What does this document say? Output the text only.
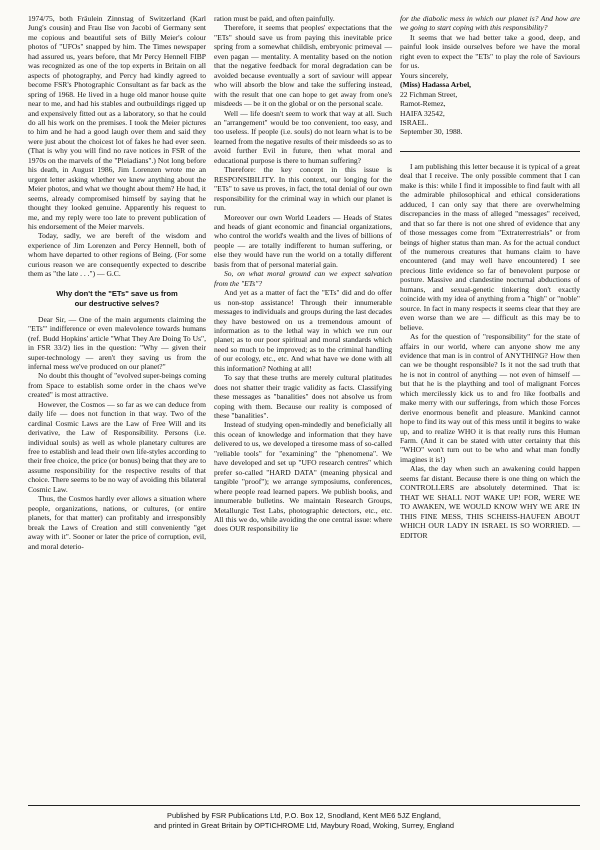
1974/75, both Fräulein Zinnstag of Switzerland (Karl Jung's cousin) and Frau Ilse von Jacobi of Germany sent me copious and beautiful sets of Billy Meier's colour photos of "UFOs" snapped by him. The Times newspaper had assured us, years before, that Mr Percy Hennell FIBP was recognized as one of the top experts in Britain on all aspects of photography, and Percy had kindly agreed to become FSR's Photographic Consultant as far back as the spring of 1968. He lived in a huge old manor house quite near to me, and had his stables and outbuildings rigged up and expensively fitted out as a laboratory, so that he could do all his work on the premises. I took the Meier pictures to him and he had a good laugh over them and said they were just about the choicest lot of fakes he had ever seen. (That is why you will find no rave notices in FSR of the 1970s on the marvels of the "Pleiadians".) Not long before his death, in August 1986, Jim Lorenzen wrote me an urgent letter asking whether we knew anything about the Meier photos, and what we thought about them? He had, it seems, already compromised himself by saying that he thought they looked genuine. Apparently his request to me, and my reply were too late to prevent publication of his endorsement of the Meier marvels.

Today, sadly, we are bereft of the wisdom and experience of Jim Lorenzen and Percy Hennell, both of whom have departed to other regions of Being. (For some curious reason we are consequently expected to describe them as "the late . . .") — G.C.

Why don't the "ETs" save us from
our destructive selves?

Dear Sir, — One of the main arguments claiming the "ETs'" indifference or even malevolence towards humans (ref. Budd Hopkins' article "What They Are Doing To Us", in FSR 33/2) lies in the question: "Why — given their super-technology — aren't they saving us from the infernal mess we've produced on our planet?"

No doubt this thought of "evolved super-beings coming from Space to establish some order in the chaos we've created" is most attractive.

However, the Cosmos — so far as we can deduce from daily life — does not function in that way. Two of the cardinal Cosmic Laws are the Law of Free Will and its derivative, the Law of Responsibility. Persons (i.e. individual souls) as well as whole planetary cultures are free to establish and lead their own life-styles according to their free choice, the price (or bonus) being that they are to assume responsibility for the respective results of that choice. There seems to be no way of avoiding this bilateral Cosmic Law.

Thus, the Cosmos hardly ever allows a situation where people, organizations, nations, or cultures, (or entire planets, for that matter) can profitably and irresponsibly break the Laws of Creation and still conveniently "get away with it". Sooner or later the price of corruption, evil, and moral deterio-

ration must be paid, and often painfully.

Therefore, it seems that peoples' expectations that the "ETs" should save us from paying this inevitable price spring from a somewhat childish, embryonic primeval — even pagan — mentality. A mentality based on the notion that the negative feedback for moral degradation can be avoided because eventually a sort of saviour will appear who will absorb the blow and take the suffering instead, with the result that one can hope to get away from one's misdeeds — be it on the global or on the personal scale.

Well — life doesn't seem to work that way at all. Such an "arrangement" would be too convenient, too easy, and too useless. If people (i.e. souls) do not learn what is to be learned from the negative results of their misdeeds so as to avoid further Evil in future, then what moral and educational purpose is there to human suffering?

Therefore: the key concept in this issue is RESPONSIBILITY. In this context, our longing for the "ETs" to save us proves, in fact, the total denial of our own responsibility for the criminal way in which our planet is run.

Moreover our own World Leaders — Heads of States and heads of giant economic and financial organizations, who control the world's wealth and the lives of billions of people — are totally indifferent to human suffering, or else they would have run the world on a totally different basis from that of personal material gain.

So, on what moral ground can we expect salvation from the "ETs"?

And yet as a matter of fact the "ETs" did and do offer us non-stop assistance! Through their innumerable messages to individuals and groups during the last decades they have bestowed on us a tremendous amount of information as to the lethal way in which we run our planet; as to our poor spiritual and moral standards which need so much to be improved; as to the criminal handling of our ecology, etc., etc. And what have we done with all this information? Nothing at all!

To say that these truths are merely cultural platitudes does not shatter their tragic validity as facts. Classifying these messages as "banalities" does not absolve us from coping with them. Because our reality is composed of these "banalities".

Instead of studying open-mindedly and beneficially all this ocean of knowledge and information that they have delivered to us, we developed a tiresome mass of so-called "reliable tools" for "examining" the "phenomena". We have developed and set up "UFO research centres" which prefer so-called "HARD DATA" (meaning physical and tangible "proof"); we arrange symposiums, conferences, where people read learned papers. We publish books, and innumerable bulletins. We maintain Research Groups, Metallurgic Test Labs, photographic detectors, etc., etc. All this we do, while avoiding the one central issue: where does OUR responsibility lie

for the diabolic mess in which our planet is? And how are we going to start coping with this responsibility?

It seems that we had better take a good, deep, and painful look inside ourselves before we have the moral right even to expect the "ETs" to play the role of Saviours for us.

Yours sincerely,

(Miss) Hadassa Arbel,

22 Fichman Street,

Ramot-Remez,

HAIFA 32542,

ISRAEL.

September 30, 1988.

I am publishing this letter because it is typical of a great deal that I receive. The only possible comment that I can make is this: while I find it impossible to find fault with all the admirable philosophical and ethical considerations adduced, I can only say that there are overwhelming discrepancies in the mass of alleged "messages" received, and that so far there is not one shred of evidence that any of those messages come from "Extraterrestrials" or from beings of higher status than man. As for the actual conduct of the numerous creatures that humans claim to have encountered (and may well have encountered) I see precious little evidence so far of benevolent purpose or posture. Massive and clandestine nocturnal abductions of humans, and sexual-genetic tinkering don't exactly coincide with my idea of anything from a "high" or "noble" source. In fact in many respects it seems clear that they are even worse than we are — difficult as this may be to believe.

As for the question of "responsibility" for the state of affairs in our world, where can anyone show me any evidence that man is in control of ANYTHING? How then can we be thought responsible? Is it not the sad truth that he is not in control of anything — not even of himself — but that he is the plaything and tool of malignant Forces which mercilessly kick us to and fro like footballs and make merry with our sufferings, from which those Forces derive enormous benefit and pleasure. Mankind cannot hope to find its way out of this mess until it begins to wake up, and to realize WHO it is that really runs this Human Farm. (And it can be stated with utter certainty that this "WHO" won't turn out to be who and what man fondly imagines it is!)

Alas, the day when such an awakening could happen seems far distant. Because there is one thing on which the CONTROLLERS are absolutely determined. That is: THAT WE SHALL NOT WAKE UP! FOR, WERE WE TO AWAKEN, WE WOULD KNOW WHY WE ARE IN THIS FINE MESS, THIS SCHEISS-HAUFEN ABOUT WHICH OUR LADY IN ISRAEL IS SO WORRIED. — EDITOR

Published by FSR Publications Ltd, P.O. Box 12, Snodland, Kent ME6 5JZ England,
and printed in Great Britain by OPTICHROME Ltd, Maybury Road, Woking, Surrey, England
